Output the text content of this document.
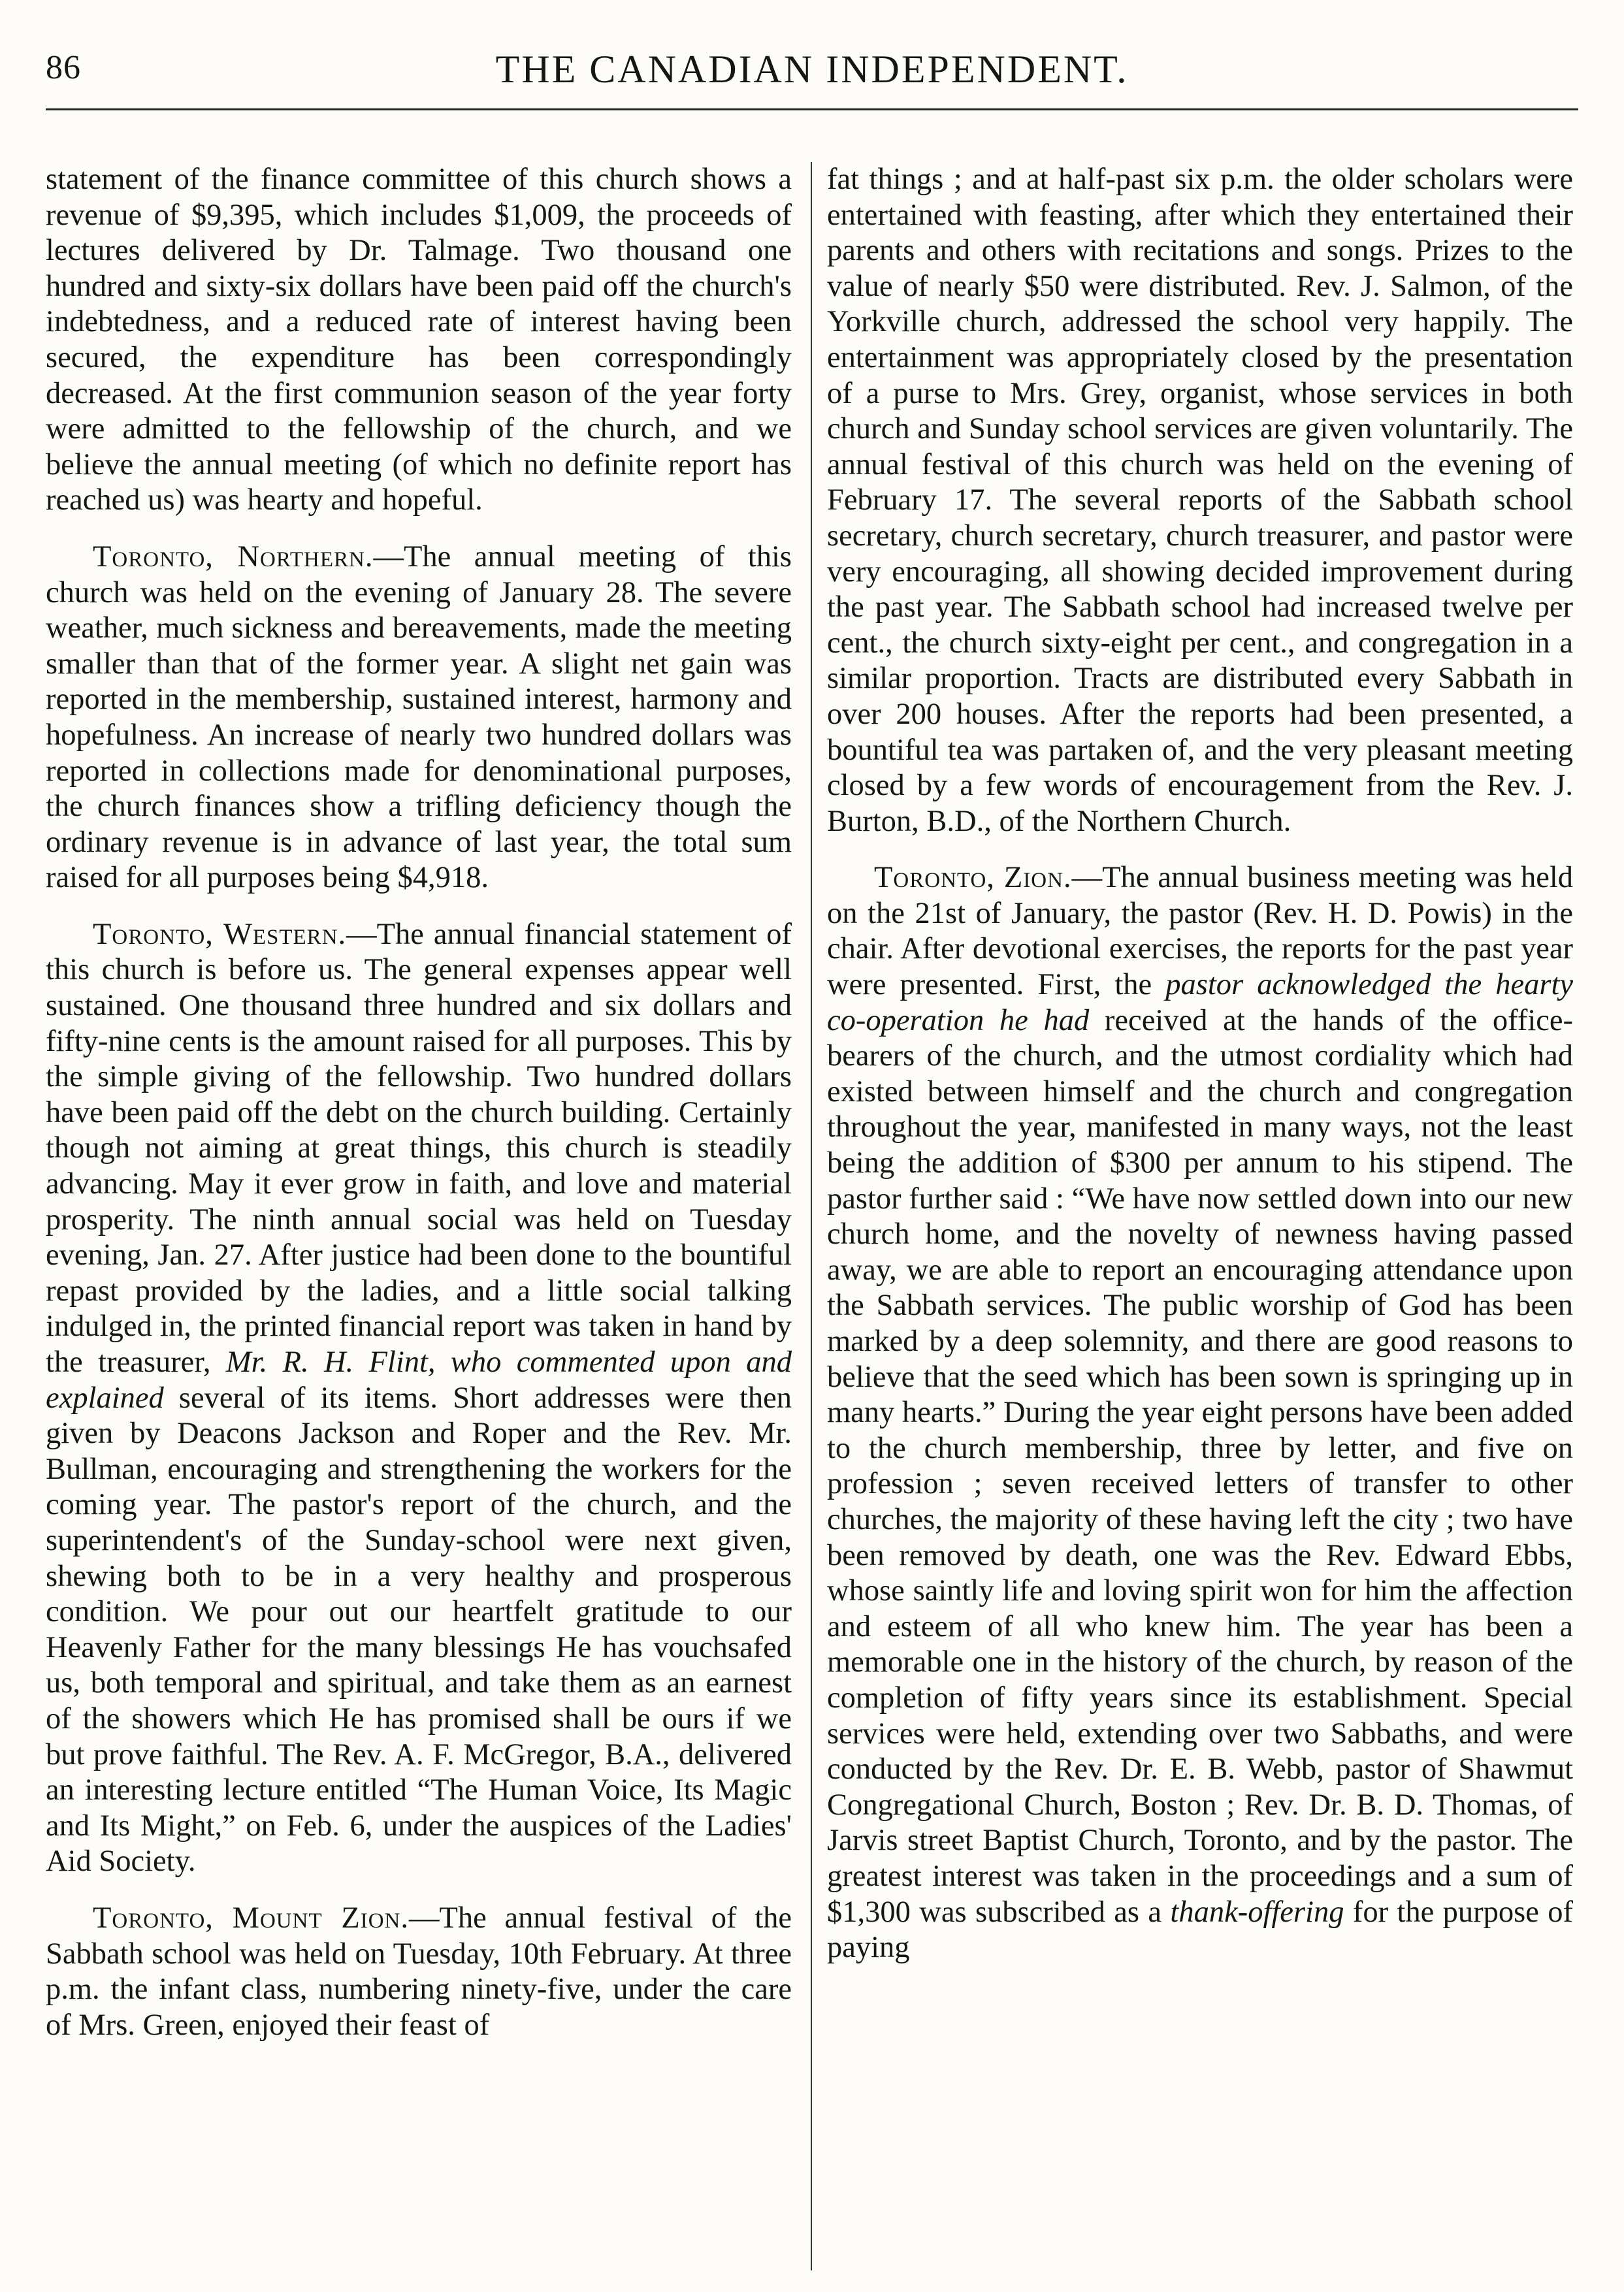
86	THE CANADIAN INDEPENDENT.

statement of the finance committee of this church shows a revenue of $9,395, which includes $1,009, the proceeds of lectures delivered by Dr. Talmage. Two thousand one hundred and sixty-six dollars have been paid off the church's indebtedness, and a reduced rate of interest having been secured, the expenditure has been correspondingly decreased. At the first communion season of the year forty were admitted to the fellowship of the church, and we believe the annual meeting (of which no definite report has reached us) was hearty and hopeful.

Toronto, Northern.—The annual meeting of this church was held on the evening of January 28. The severe weather, much sickness and bereavements, made the meeting smaller than that of the former year. A slight net gain was reported in the membership, sustained interest, harmony and hopefulness. An increase of nearly two hundred dollars was reported in collections made for denominational purposes, the church finances show a trifling deficiency though the ordinary revenue is in advance of last year, the total sum raised for all purposes being $4,918.

Toronto, Western.—The annual financial statement of this church is before us. The general expenses appear well sustained. One thousand three hundred and six dollars and fifty-nine cents is the amount raised for all purposes. This by the simple giving of the fellowship. Two hundred dollars have been paid off the debt on the church building. Certainly though not aiming at great things, this church is steadily advancing. May it ever grow in faith, and love and material prosperity. The ninth annual social was held on Tuesday evening, Jan. 27. After justice had been done to the bountiful repast provided by the ladies, and a little social talking indulged in, the printed financial report was taken in hand by the treasurer, Mr. R. H. Flint, who commented upon and explained several of its items. Short addresses were then given by Deacons Jackson and Roper and the Rev. Mr. Bullman, encouraging and strengthening the workers for the coming year. The pastor's report of the church, and the superintendent's of the Sunday-school were next given, shewing both to be in a very healthy and prosperous condition. We pour out our heartfelt gratitude to our Heavenly Father for the many blessings He has vouchsafed us, both temporal and spiritual, and take them as an earnest of the showers which He has promised shall be ours if we but prove faithful. The Rev. A. F. McGregor, B.A., delivered an interesting lecture entitled “The Human Voice, Its Magic and Its Might,” on Feb. 6, under the auspices of the Ladies' Aid Society.

Toronto, Mount Zion.—The annual festival of the Sabbath school was held on Tuesday, 10th February. At three p.m. the infant class, numbering ninety-five, under the care of Mrs. Green, enjoyed their feast of

fat things ; and at half-past six p.m. the older scholars were entertained with feasting, after which they entertained their parents and others with recitations and songs. Prizes to the value of nearly $50 were distributed. Rev. J. Salmon, of the Yorkville church, addressed the school very happily. The entertainment was appropriately closed by the presentation of a purse to Mrs. Grey, organist, whose services in both church and Sunday school services are given voluntarily. The annual festival of this church was held on the evening of February 17. The several reports of the Sabbath school secretary, church secretary, church treasurer, and pastor were very encouraging, all showing decided improvement during the past year. The Sabbath school had increased twelve per cent., the church sixty-eight per cent., and congregation in a similar proportion. Tracts are distributed every Sabbath in over 200 houses. After the reports had been presented, a bountiful tea was partaken of, and the very pleasant meeting closed by a few words of encouragement from the Rev. J. Burton, B.D., of the Northern Church.

Toronto, Zion.—The annual business meeting was held on the 21st of January, the pastor (Rev. H. D. Powis) in the chair. After devotional exercises, the reports for the past year were presented. First, the pastor acknowledged the hearty co-operation he had received at the hands of the office-bearers of the church, and the utmost cordiality which had existed between himself and the church and congregation throughout the year, manifested in many ways, not the least being the addition of $300 per annum to his stipend. The pastor further said : “We have now settled down into our new church home, and the novelty of newness having passed away, we are able to report an encouraging attendance upon the Sabbath services. The public worship of God has been marked by a deep solemnity, and there are good reasons to believe that the seed which has been sown is springing up in many hearts.” During the year eight persons have been added to the church membership, three by letter, and five on profession ; seven received letters of transfer to other churches, the majority of these having left the city ; two have been removed by death, one was the Rev. Edward Ebbs, whose saintly life and loving spirit won for him the affection and esteem of all who knew him. The year has been a memorable one in the history of the church, by reason of the completion of fifty years since its establishment. Special services were held, extending over two Sabbaths, and were conducted by the Rev. Dr. E. B. Webb, pastor of Shawmut Congregational Church, Boston ; Rev. Dr. B. D. Thomas, of Jarvis street Baptist Church, Toronto, and by the pastor. The greatest interest was taken in the proceedings and a sum of $1,300 was subscribed as a thank-offering for the purpose of paying
